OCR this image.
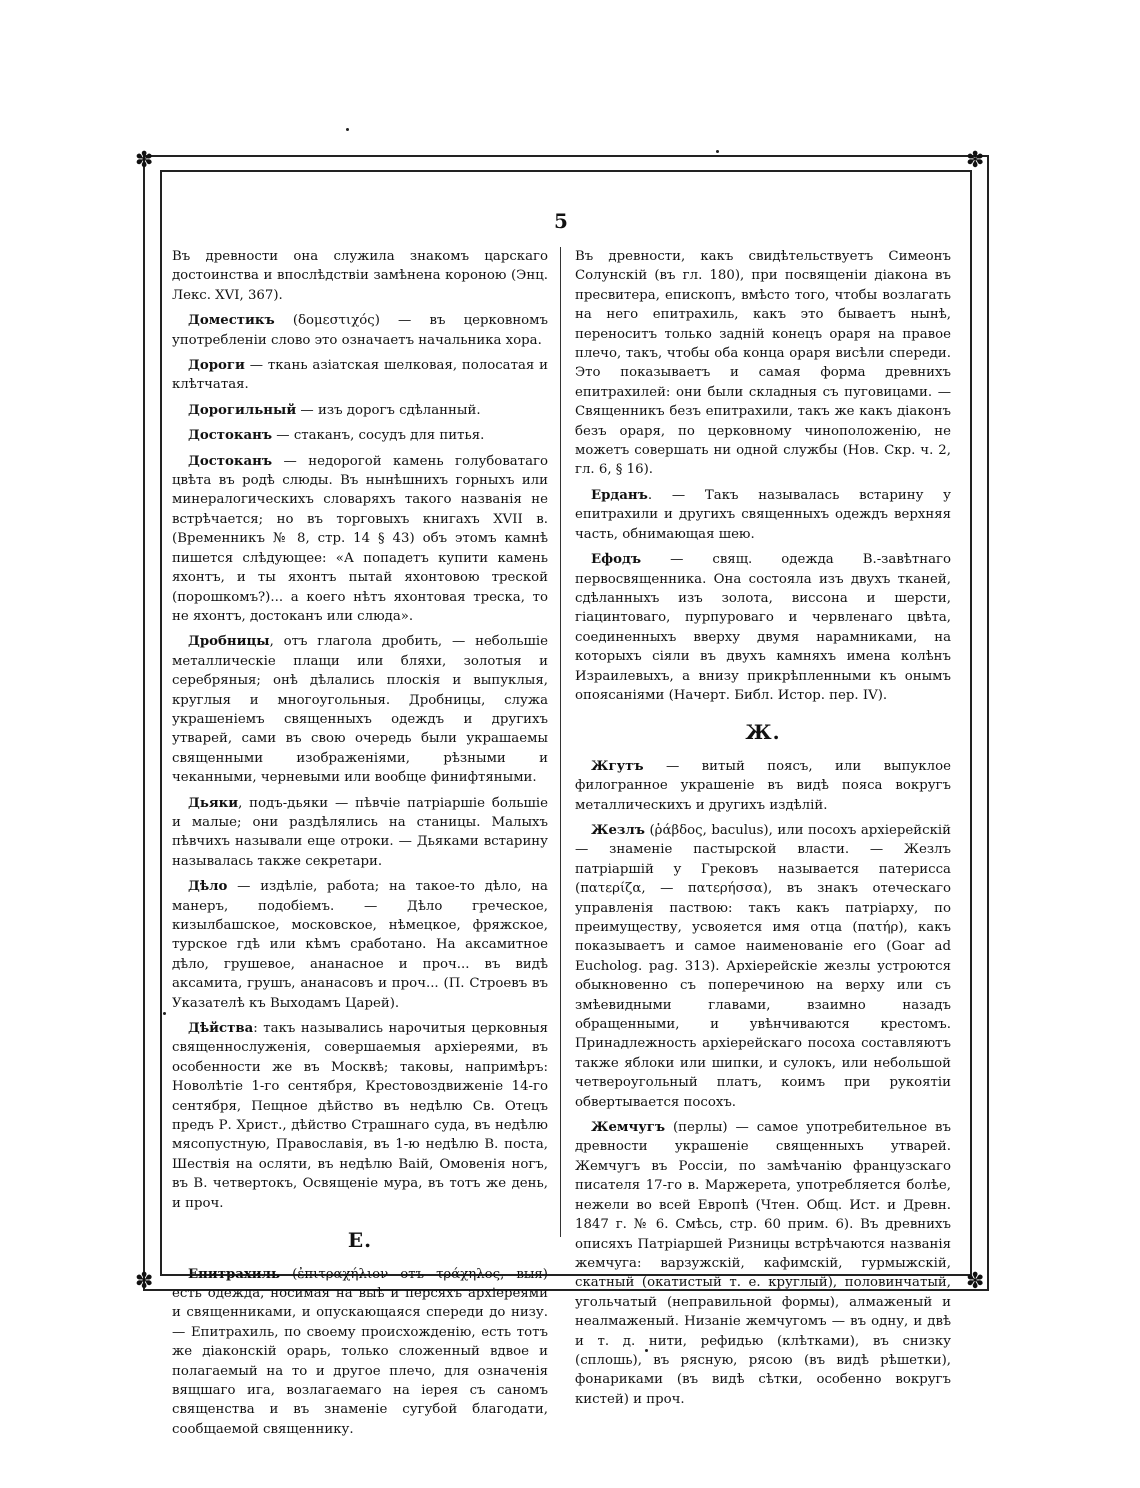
✽	✽
✽	✽
5

Въ древности она служила знакомъ царскаго достоинства и впослѣдствіи замѣнена короною (Энц. Лекс. XVI, 367).

Доместикъ (δομεστιχός) — въ церковномъ употребленіи слово это означаетъ начальника хора.

Дороги — ткань азіатская шелковая, полосатая и клѣтчатая.

Дорогильный — изъ дорогъ сдѣланный.

Достоканъ — стаканъ, сосудъ для питья.

Достоканъ — недорогой камень голубоватаго цвѣта въ родѣ слюды. Въ нынѣшнихъ горныхъ или минералогическихъ словаряхъ такого названія не встрѣчается; но въ торговыхъ книгахъ XVII в. (Временникъ № 8, стр. 14 § 43) объ этомъ камнѣ пишется слѣдующее: «А попадетъ купити камень яхонтъ, и ты яхонтъ пытай яхонтовою треской (порошкомъ?)... а коего нѣтъ яхонтовая треска, то не яхонтъ, достоканъ или слюда».

Дробницы, отъ глагола дробить, — небольшіе металлическіе плащи или бляхи, золотыя и серебряныя; онѣ дѣлались плоскія и выпуклыя, круглыя и многоугольныя. Дробницы, служа украшеніемъ священныхъ одеждъ и другихъ утварей, сами въ свою очередь были украшаемы священными изображеніями, рѣзными и чеканными, черневыми или вообще финифтяными.

Дьяки, подъ-дьяки — пѣвчіе патріаршіе большіе и малые; они раздѣлялись на станицы. Малыхъ пѣвчихъ называли еще отроки. — Дьяками встарину называлась также секретари.

Дѣло — издѣліе, работа; на такое-то дѣло, на манеръ, подобіемъ. — Дѣло греческое, кизылбашское, московское, нѣмецкое, фряжское, турское гдѣ или кѣмъ сработано. На аксамитное дѣло, грушевое, ананасное и проч... въ видѣ аксамита, грушъ, ананасовъ и проч... (П. Строевъ въ Указателѣ къ Выходамъ Царей).

Дѣйства: такъ назывались нарочитыя церковныя священнослуженія, совершаемыя архіереями, въ особенности же въ Москвѣ; таковы, напримѣръ: Новолѣтіе 1-го сентября, Крестовоздвиженіе 14-го сентября, Пещное дѣйство въ недѣлю Св. Отецъ предъ Р. Христ., дѣйство Страшнаго суда, въ недѣлю мясопустную, Православія, въ 1-ю недѣлю В. поста, Шествія на осляти, въ недѣлю Ваій, Омовенія ногъ, въ В. четвертокъ, Освященіе мура, въ тотъ же день, и проч.

Е.

Епитрахиль (ἐπιτραχήλιον отъ τράχηλος, выя) есть одежда, носимая на выѣ и персяхъ архіереями и священниками, и опускающаяся спереди до низу. — Епитрахиль, по своему происхожденію, есть тотъ же діаконскій орарь, только сложенный вдвое и полагаемый на то и другое плечо, для означенія вящшаго ига, возлагаемаго на іерея съ саномъ священства и въ знаменіе сугубой благодати, сообщаемой священнику.

Въ древности, какъ свидѣтельствуетъ Симеонъ Солунскій (въ гл. 180), при посвященіи діакона въ пресвитера, епископъ, вмѣсто того, чтобы возлагать на него епитрахиль, какъ это бываетъ нынѣ, переноситъ только задній конецъ ораря на правое плечо, такъ, чтобы оба конца ораря висѣли спереди. Это показываетъ и самая форма древнихъ епитрахилей: они были складныя съ пуговицами. — Священникъ безъ епитрахили, такъ же какъ діаконъ безъ ораря, по церковному чиноположенію, не можетъ совершать ни одной службы (Нов. Скр. ч. 2, гл. 6, § 16).

Ерданъ. — Такъ называлась встарину у епитрахили и другихъ священныхъ одеждъ верхняя часть, обнимающая шею.

Ефодъ — свящ. одежда В.-завѣтнаго первосвященника. Она состояла изъ двухъ тканей, сдѣланныхъ изъ золота, виссона и шерсти, гіацинтоваго, пурпуроваго и червленаго цвѣта, соединенныхъ вверху двумя нарамниками, на которыхъ сіяли въ двухъ камняхъ имена колѣнъ Израилевыхъ, а внизу прикрѣпленными къ онымъ опоясаніями (Начерт. Библ. Истор. пер. IV).

Ж.

Жгутъ — витый поясъ, или выпуклое филогранное украшеніе въ видѣ пояса вокругъ металлическихъ и другихъ издѣлій.

Жезлъ (ῥάβδος, baculus), или посохъ архіерейскій — знаменіе пастырской власти. — Жезлъ патріаршій у Грековъ называется патерисса (πατερίζα, — πατερήσσα), въ знакъ отеческаго управленія паствою: такъ какъ патріарху, по преимуществу, усвояется имя отца (πατήρ), какъ показываетъ и самое наименованіе его (Goar ad Euchоlog. pag. 313). Архіерейскіе жезлы устроются обыкновенно съ поперечиною на верху или съ змѣевидными главами, взаимно назадъ обращенными, и увѣнчиваются крестомъ. Принадлежность архіерейскаго посоха составляютъ также яблоки или шипки, и сулокъ, или небольшой четвероугольный платъ, коимъ при рукоятіи обвертывается посохъ.

Жемчугъ (перлы) — самое употребительное въ древности украшеніе священныхъ утварей. Жемчугъ въ Россіи, по замѣчанію французскаго писателя 17-го в. Маржерета, употребляется болѣе, нежели во всей Европѣ (Чтен. Общ. Ист. и Древн. 1847 г. № 6. Смѣсь, стр. 60 прим. 6). Въ древнихъ описяхъ Патріаршей Ризницы встрѣчаются названія жемчуга: варзужскій, кафимскій, гурмыжскій, скатный (окатистый т. е. круглый), половинчатый, угольчатый (неправильной формы), алмаженый и неалмаженый. Низаніе жемчугомъ — въ одну, и двѣ и т. д. нити, рефидью (клѣтками), въ снизку (сплошь), въ рясную, рясою (въ видѣ рѣшетки), фонариками (въ видѣ сѣтки, особенно вокругъ кистей) и проч.
